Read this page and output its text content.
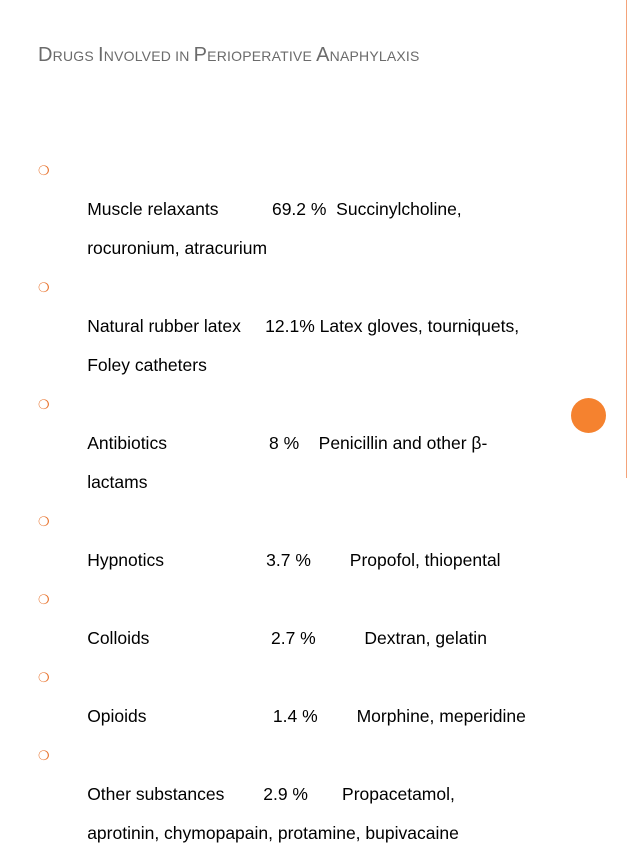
DRUGS INVOLVED IN PERIOPERATIVE ANAPHYLAXIS

❍

Muscle relaxants           69.2 %  Succinylcholine,

rocuronium, atracurium

❍

Natural rubber latex     12.1% Latex gloves, tourniquets,

Foley catheters

❍

Antibiotics                     8 %    Penicillin and other β-

lactams

❍

Hypnotics                     3.7 %        Propofol, thiopental

❍

Colloids                         2.7 %          Dextran, gelatin

❍

Opioids                          1.4 %        Morphine, meperidine

❍

Other substances        2.9 %       Propacetamol,

aprotinin, chymopapain, protamine, bupivacaine
